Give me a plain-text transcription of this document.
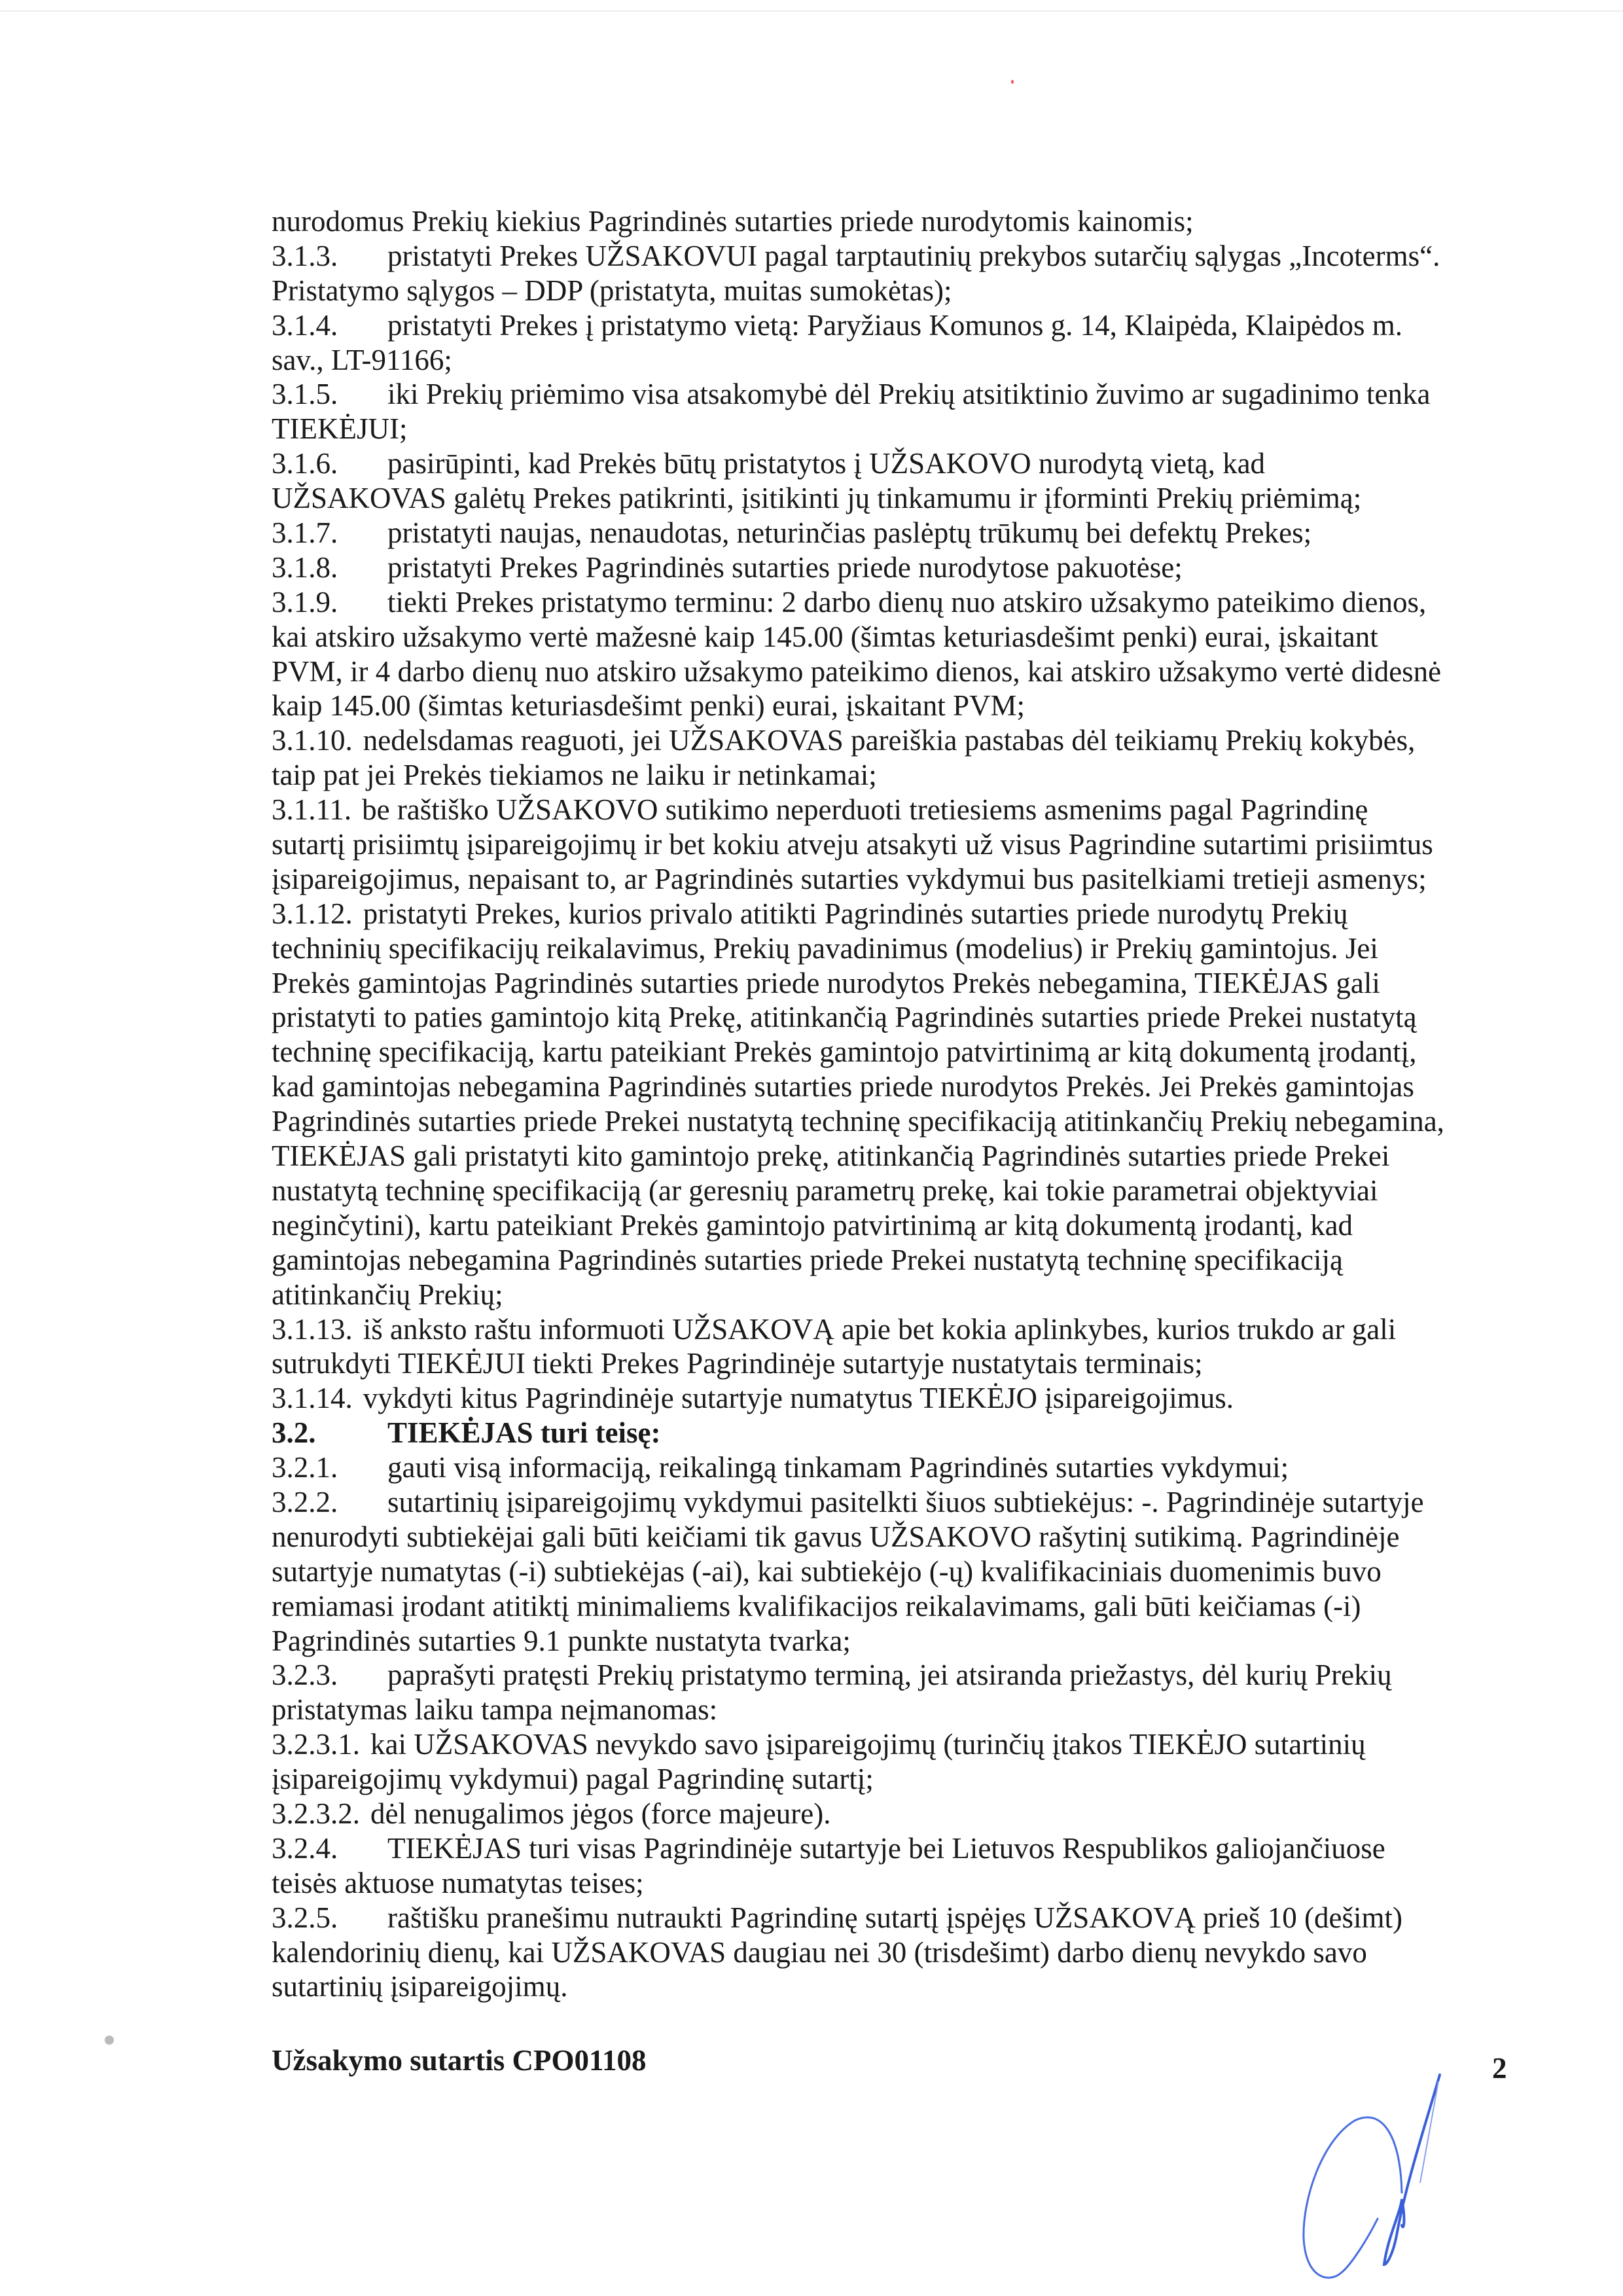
nurodomus Prekių kiekius Pagrindinės sutarties priede nurodytomis kainomis;
3.1.3. pristatyti Prekes UŽSAKOVUI pagal tarptautinių prekybos sutarčių sąlygas „Incoterms“.
Pristatymo sąlygos – DDP (pristatyta, muitas sumokėtas);
3.1.4. pristatyti Prekes į pristatymo vietą: Paryžiaus Komunos g. 14, Klaipėda, Klaipėdos m.
sav., LT-91166;
3.1.5. iki Prekių priėmimo visa atsakomybė dėl Prekių atsitiktinio žuvimo ar sugadinimo tenka
TIEKĖJUI;
3.1.6. pasirūpinti, kad Prekės būtų pristatytos į UŽSAKOVO nurodytą vietą, kad
UŽSAKOVAS galėtų Prekes patikrinti, įsitikinti jų tinkamumu ir įforminti Prekių priėmimą;
3.1.7. pristatyti naujas, nenaudotas, neturinčias paslėptų trūkumų bei defektų Prekes;
3.1.8. pristatyti Prekes Pagrindinės sutarties priede nurodytose pakuotėse;
3.1.9. tiekti Prekes pristatymo terminu: 2 darbo dienų nuo atskiro užsakymo pateikimo dienos,
kai atskiro užsakymo vertė mažesnė kaip 145.00 (šimtas keturiasdešimt penki) eurai, įskaitant
PVM, ir 4 darbo dienų nuo atskiro užsakymo pateikimo dienos, kai atskiro užsakymo vertė didesnė
kaip 145.00 (šimtas keturiasdešimt penki) eurai, įskaitant PVM;
3.1.10. nedelsdamas reaguoti, jei UŽSAKOVAS pareiškia pastabas dėl teikiamų Prekių kokybės,
taip pat jei Prekės tiekiamos ne laiku ir netinkamai;
3.1.11. be raštiško UŽSAKOVO sutikimo neperduoti tretiesiems asmenims pagal Pagrindinę
sutartį prisiimtų įsipareigojimų ir bet kokiu atveju atsakyti už visus Pagrindine sutartimi prisiimtus
įsipareigojimus, nepaisant to, ar Pagrindinės sutarties vykdymui bus pasitelkiami tretieji asmenys;
3.1.12. pristatyti Prekes, kurios privalo atitikti Pagrindinės sutarties priede nurodytų Prekių
techninių specifikacijų reikalavimus, Prekių pavadinimus (modelius) ir Prekių gamintojus. Jei
Prekės gamintojas Pagrindinės sutarties priede nurodytos Prekės nebegamina, TIEKĖJAS gali
pristatyti to paties gamintojo kitą Prekę, atitinkančią Pagrindinės sutarties priede Prekei nustatytą
techninę specifikaciją, kartu pateikiant Prekės gamintojo patvirtinimą ar kitą dokumentą įrodantį,
kad gamintojas nebegamina Pagrindinės sutarties priede nurodytos Prekės. Jei Prekės gamintojas
Pagrindinės sutarties priede Prekei nustatytą techninę specifikaciją atitinkančių Prekių nebegamina,
TIEKĖJAS gali pristatyti kito gamintojo prekę, atitinkančią Pagrindinės sutarties priede Prekei
nustatytą techninę specifikaciją (ar geresnių parametrų prekę, kai tokie parametrai objektyviai
neginčytini), kartu pateikiant Prekės gamintojo patvirtinimą ar kitą dokumentą įrodantį, kad
gamintojas nebegamina Pagrindinės sutarties priede Prekei nustatytą techninę specifikaciją
atitinkančių Prekių;
3.1.13. iš anksto raštu informuoti UŽSAKOVĄ apie bet kokia aplinkybes, kurios trukdo ar gali
sutrukdyti TIEKĖJUI tiekti Prekes Pagrindinėje sutartyje nustatytais terminais;
3.1.14. vykdyti kitus Pagrindinėje sutartyje numatytus TIEKĖJO įsipareigojimus.
3.2. TIEKĖJAS turi teisę:
3.2.1. gauti visą informaciją, reikalingą tinkamam Pagrindinės sutarties vykdymui;
3.2.2. sutartinių įsipareigojimų vykdymui pasitelkti šiuos subtiekėjus: -. Pagrindinėje sutartyje
nenurodyti subtiekėjai gali būti keičiami tik gavus UŽSAKOVO rašytinį sutikimą. Pagrindinėje
sutartyje numatytas (-i) subtiekėjas (-ai), kai subtiekėjo (-ų) kvalifikaciniais duomenimis buvo
remiamasi įrodant atitiktį minimaliems kvalifikacijos reikalavimams, gali būti keičiamas (-i)
Pagrindinės sutarties 9.1 punkte nustatyta tvarka;
3.2.3. paprašyti pratęsti Prekių pristatymo terminą, jei atsiranda priežastys, dėl kurių Prekių
pristatymas laiku tampa neįmanomas:
3.2.3.1. kai UŽSAKOVAS nevykdo savo įsipareigojimų (turinčių įtakos TIEKĖJO sutartinių
įsipareigojimų vykdymui) pagal Pagrindinę sutartį;
3.2.3.2. dėl nenugalimos jėgos (force majeure).
3.2.4. TIEKĖJAS turi visas Pagrindinėje sutartyje bei Lietuvos Respublikos galiojančiuose
teisės aktuose numatytas teises;
3.2.5. raštišku pranešimu nutraukti Pagrindinę sutartį įspėjęs UŽSAKOVĄ prieš 10 (dešimt)
kalendorinių dienų, kai UŽSAKOVAS daugiau nei 30 (trisdešimt) darbo dienų nevykdo savo
sutartinių įsipareigojimų.
Užsakymo sutartis CPO01108	2
